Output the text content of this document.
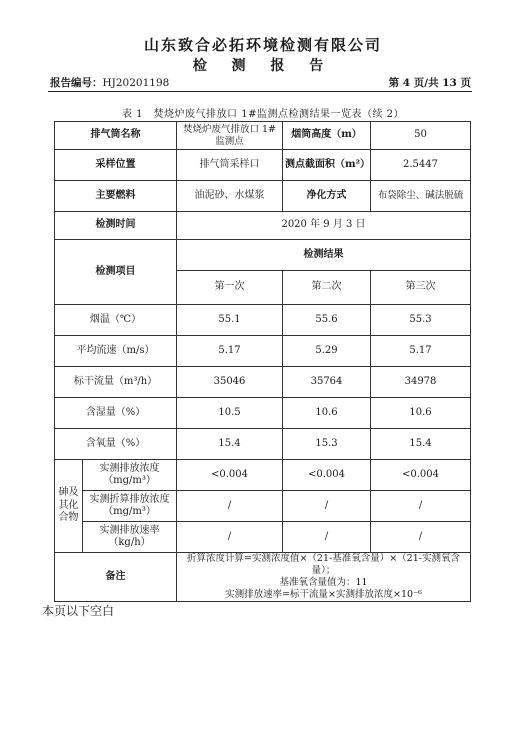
山东致合必拓环境检测有限公司
检 测 报 告
报告编号：HJ20201198	第 4 页/共 13 页
表 1　焚烧炉废气排放口 1#监测点检测结果一览表（续 2）
排气筒名称		焚烧炉废气排放口 1#监测点	烟筒高度（m）	50
采样位置		排气筒采样口	测点截面积（m²）	2.5447
主要燃料		油泥砂、水煤浆	净化方式	布袋除尘、碱法脱硫
检测时间		2020 年 9 月 3 日		
检测项目		检测结果		
		第一次	第二次	第三次
烟温（℃）		55.1	55.6	55.3
平均流速（m/s）		5.17	5.29	5.17
标干流量（m³/h）		35046	35764	34978
含湿量（%）		10.5	10.6	10.6
含氧量（%）		15.4	15.3	15.4
砷及其化合物	实测排放浓度（mg/m³）	<0.004	<0.004	<0.004
	实测折算排放浓度（mg/m³）	/	/	/
	实测排放速率（kg/h）	/	/	/
备注		折算浓度计算=实测浓度值×（21-基准氧含量）×（21-实测氧含量）；
基准氧含量值为：11
实测排放速率=标干流量×实测排放浓度×10⁻⁶		
本页以下空白
